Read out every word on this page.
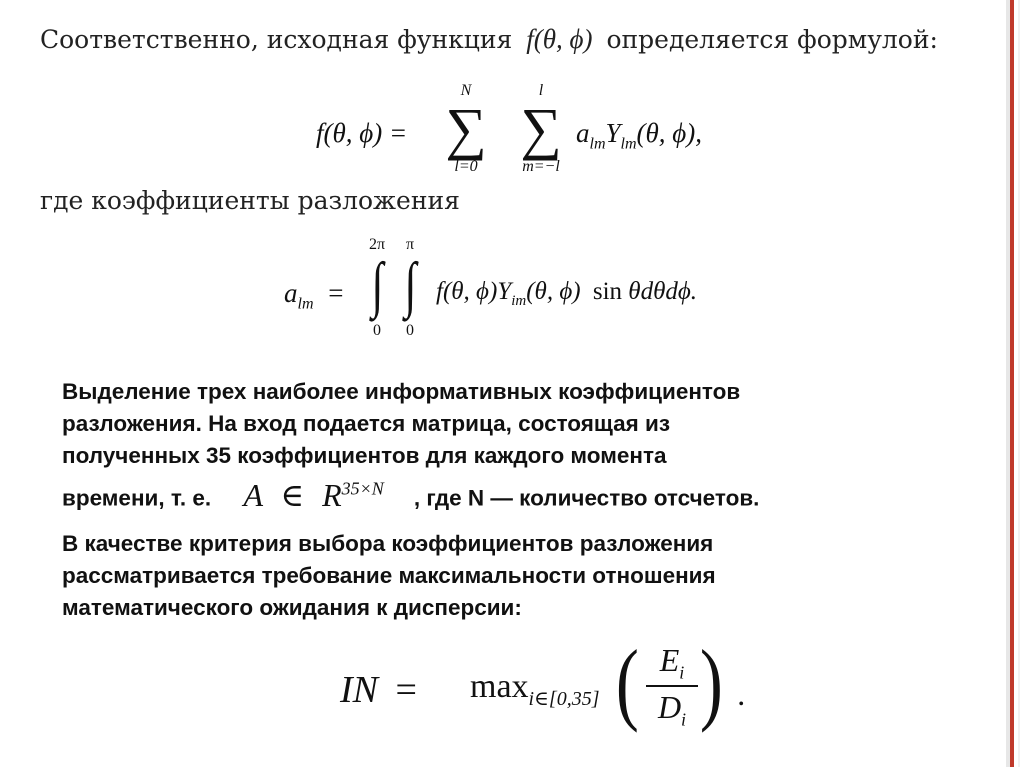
Соответственно, исходная функция f(θ, ϕ) определяется формулой:
f(θ, ϕ) =
N
∑
l=0
l
∑
m=−l
$a_{lm}Y_{lm}(\theta$, ϕ),
где коэффициенты разложения
$a_{lm}$ =
2π
∫
0
π
∫
0
f(θ, $\phi)Y_{im}(\theta$, ϕ) sin θdθdϕ.
Выделение трех наиболее информативных коэффициентов
разложения. На вход подается матрица, состоящая из
полученных 35 коэффициентов для каждого момента
времени, т. е. A ∈ $R^{35\times N}$ , где N — количество отсчетов.
В качестве критерия выбора коэффициентов разложения
рассматривается требование максимальности отношения
математического ожидания к дисперсии:
IN = $\max_{i\in[0,35]}$ ( $E_i$
$D_i$ ) .
